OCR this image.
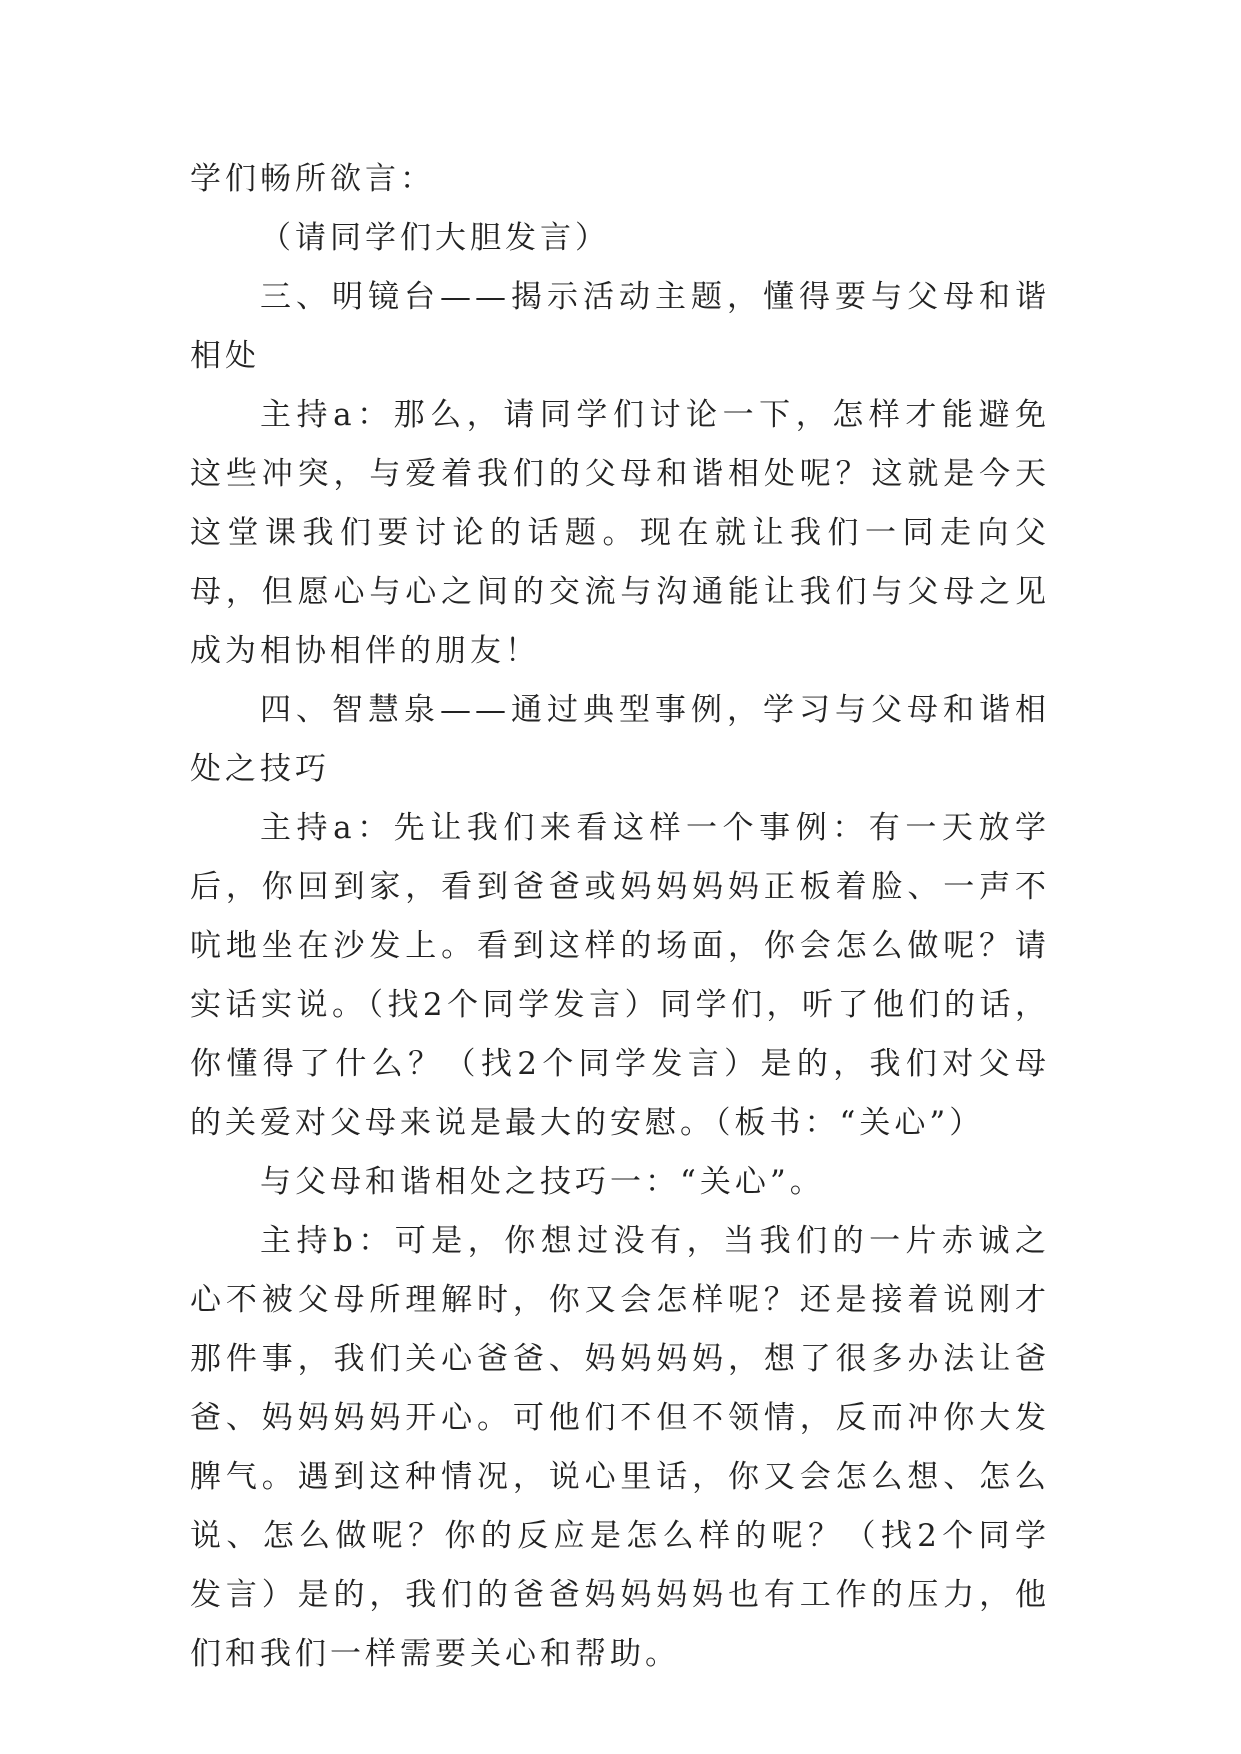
学们畅所欲言：

（请同学们大胆发言）

三、明镜台——揭示活动主题，懂得要与父母和谐相处

主持a：那么，请同学们讨论一下，怎样才能避免这些冲突，与爱着我们的父母和谐相处呢？这就是今天这堂课我们要讨论的话题。现在就让我们一同走向父母，但愿心与心之间的交流与沟通能让我们与父母之见成为相协相伴的朋友！

四、智慧泉——通过典型事例，学习与父母和谐相处之技巧

主持a：先让我们来看这样一个事例：有一天放学后，你回到家，看到爸爸或妈妈妈妈正板着脸、一声不吭地坐在沙发上。看到这样的场面，你会怎么做呢？请实话实说。（找2个同学发言）同学们，听了他们的话，你懂得了什么？（找2个同学发言）是的，我们对父母的关爱对父母来说是最大的安慰。（板书：“关心”）

与父母和谐相处之技巧一：“关心”。

主持b：可是，你想过没有，当我们的一片赤诚之心不被父母所理解时，你又会怎样呢？还是接着说刚才那件事，我们关心爸爸、妈妈妈妈，想了很多办法让爸爸、妈妈妈妈开心。可他们不但不领情，反而冲你大发脾气。遇到这种情况，说心里话，你又会怎么想、怎么说、怎么做呢？你的反应是怎么样的呢？（找2个同学发言）是的，我们的爸爸妈妈妈妈也有工作的压力，他们和我们一样需要关心和帮助。
